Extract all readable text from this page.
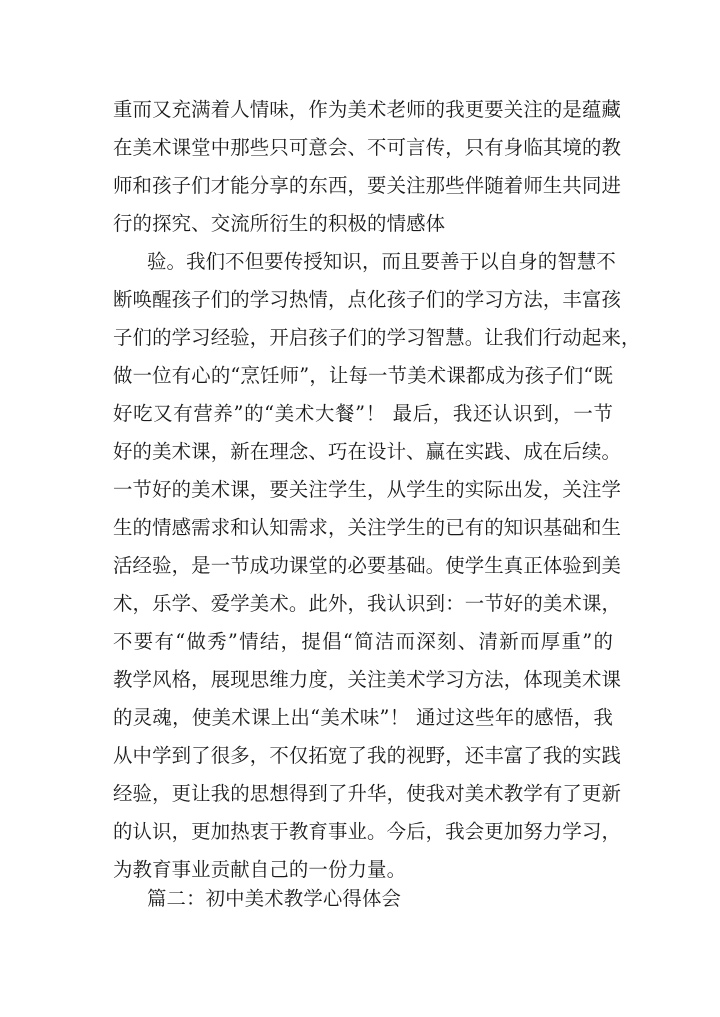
重而又充满着人情味，作为美术老师的我更要关注的是蕴藏
在美术课堂中那些只可意会、不可言传，只有身临其境的教
师和孩子们才能分享的东西，要关注那些伴随着师生共同进
行的探究、交流所衍生的积极的情感体
验。我们不但要传授知识，而且要善于以自身的智慧不
断唤醒孩子们的学习热情，点化孩子们的学习方法，丰富孩
子们的学习经验，开启孩子们的学习智慧。让我们行动起来，
做一位有心的“烹饪师”，让每一节美术课都成为孩子们“既
好吃又有营养”的“美术大餐”！ 最后，我还认识到，一节
好的美术课，新在理念、巧在设计、赢在实践、成在后续。
一节好的美术课，要关注学生，从学生的实际出发，关注学
生的情感需求和认知需求，关注学生的已有的知识基础和生
活经验，是一节成功课堂的必要基础。使学生真正体验到美
术，乐学、爱学美术。此外，我认识到：一节好的美术课，
不要有“做秀”情结，提倡“简洁而深刻、清新而厚重”的
教学风格，展现思维力度，关注美术学习方法，体现美术课
的灵魂，使美术课上出“美术味”！ 通过这些年的感悟，我
从中学到了很多，不仅拓宽了我的视野，还丰富了我的实践
经验，更让我的思想得到了升华，使我对美术教学有了更新
的认识，更加热衷于教育事业。今后，我会更加努力学习，
为教育事业贡献自己的一份力量。
篇二：初中美术教学心得体会
